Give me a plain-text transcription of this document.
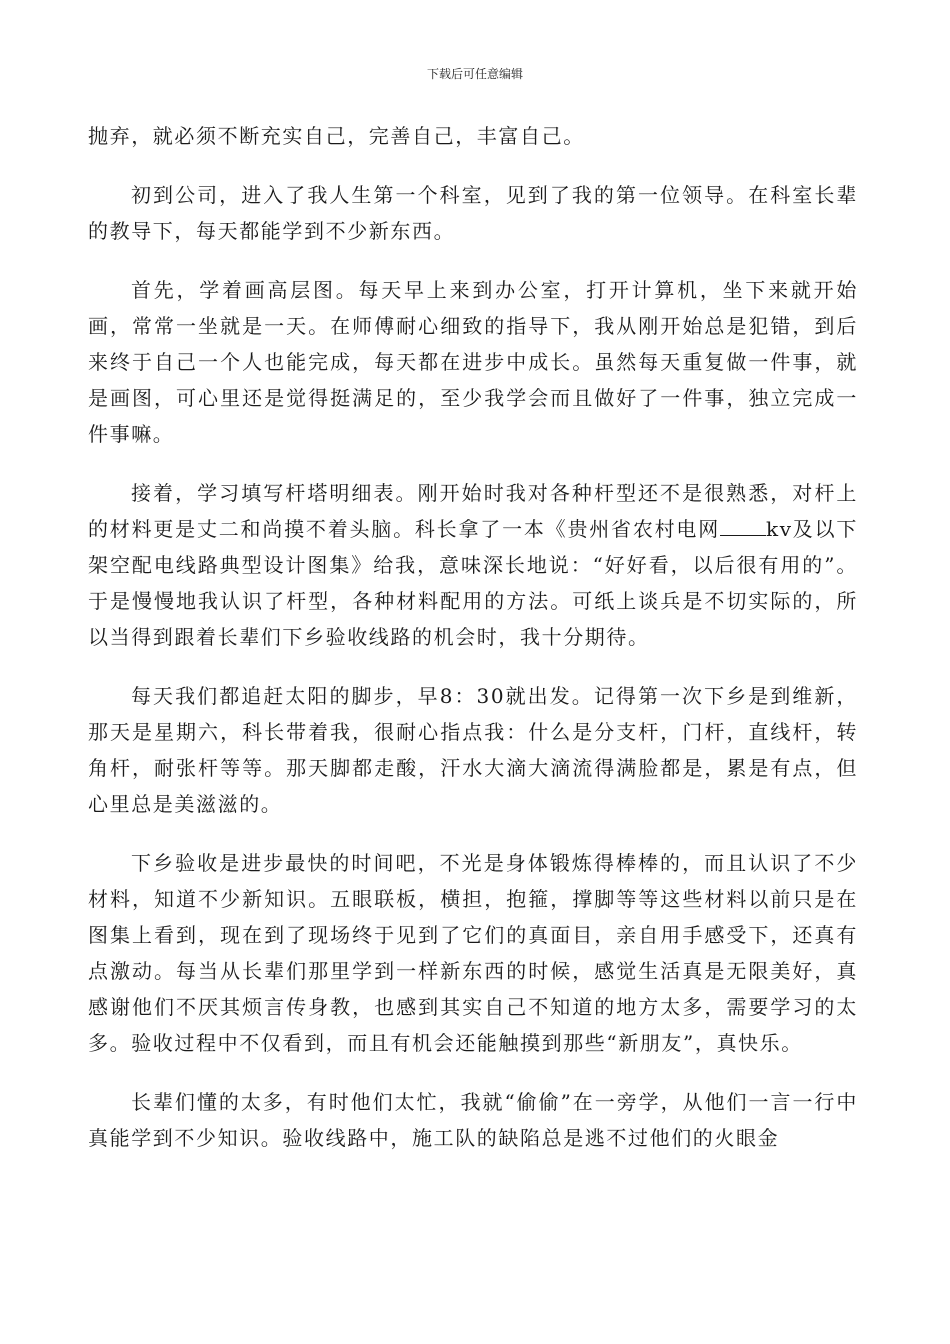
下载后可任意编辑

抛弃，就必须不断充实自己，完善自己，丰富自己。

初到公司，进入了我人生第一个科室，见到了我的第一位领导。在科室长辈的教导下，每天都能学到不少新东西。

首先，学着画高层图。每天早上来到办公室，打开计算机，坐下来就开始画，常常一坐就是一天。在师傅耐心细致的指导下，我从刚开始总是犯错，到后来终于自己一个人也能完成，每天都在进步中成长。虽然每天重复做一件事，就是画图，可心里还是觉得挺满足的，至少我学会而且做好了一件事，独立完成一件事嘛。

接着，学习填写杆塔明细表。刚开始时我对各种杆型还不是很熟悉，对杆上的材料更是丈二和尚摸不着头脑。科长拿了一本《贵州省农村电网 kv及以下架空配电线路典型设计图集》给我，意味深长地说：“好好看，以后很有用的”。于是慢慢地我认识了杆型，各种材料配用的方法。可纸上谈兵是不切实际的，所以当得到跟着长辈们下乡验收线路的机会时，我十分期待。

每天我们都追赶太阳的脚步，早8：30就出发。记得第一次下乡是到维新，那天是星期六，科长带着我，很耐心指点我：什么是分支杆，门杆，直线杆，转角杆，耐张杆等等。那天脚都走酸，汗水大滴大滴流得满脸都是，累是有点，但心里总是美滋滋的。

下乡验收是进步最快的时间吧，不光是身体锻炼得棒棒的，而且认识了不少材料，知道不少新知识。五眼联板，横担，抱箍，撑脚等等这些材料以前只是在图集上看到，现在到了现场终于见到了它们的真面目，亲自用手感受下，还真有点激动。每当从长辈们那里学到一样新东西的时候，感觉生活真是无限美好，真感谢他们不厌其烦言传身教，也感到其实自己不知道的地方太多，需要学习的太多。验收过程中不仅看到，而且有机会还能触摸到那些“新朋友”，真快乐。

长辈们懂的太多，有时他们太忙，我就“偷偷”在一旁学，从他们一言一行中真能学到不少知识。验收线路中，施工队的缺陷总是逃不过他们的火眼金
